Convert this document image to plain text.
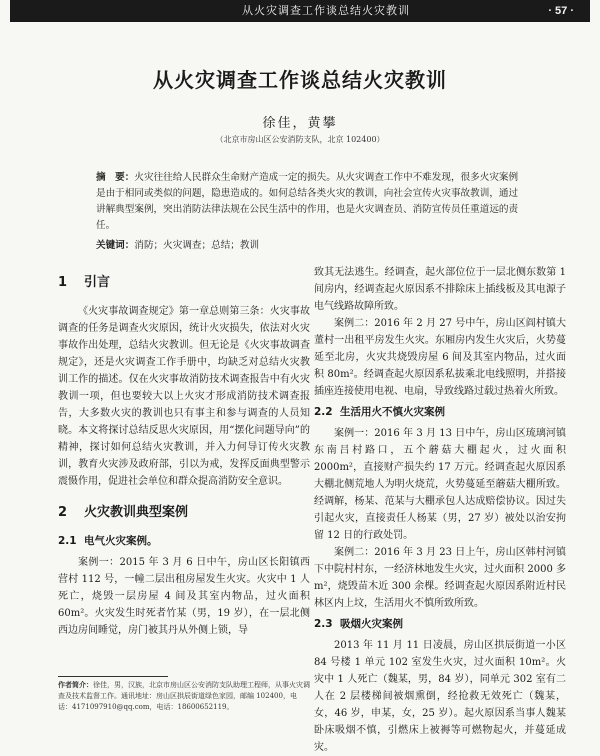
从火灾调查工作谈总结火灾教训	· 57 ·
从火灾调查工作谈总结火灾教训
徐佳，黄攀
（北京市房山区公安消防支队，北京 102400）
摘　要：火灾往往给人民群众生命财产造成一定的损失。从火灾调查工作中不难发现，很多火灾案例是由于相同或类似的问题，隐患造成的。如何总结各类火灾的教训，向社会宣传火灾事故教训，通过讲解典型案例，突出消防法律法规在公民生活中的作用，也是火灾调查员、消防宣传员任重道远的责任。
关键词：消防；火灾调查；总结；教训
1 引言

《火灾事故调查规定》第一章总则第三条：火灾事故调查的任务是调查火灾原因，统计火灾损失，依法对火灾事故作出处理，总结火灾教训。但无论是《火灾事故调查规定》，还是火灾调查工作手册中，均缺乏对总结火灾教训工作的描述。仅在火灾事故消防技术调查报告中有火灾教训一项，但也要较大以上火灾才形成消防技术调查报告，大多数火灾的教训也只有事主和参与调查的人员知晓。本文将探讨总结反思火灾原因，用“摆化问题导向”的精神，探讨如何总结火灾教训，并入力何导订传火灾教训，教育火灾涉及政府部，引以为戒，发挥反面典型警示震慑作用，促进社会单位和群众提高消防安全意识。

2 火灾教训典型案例
2.1 电气火灾案例。

案例一：2015 年 3 月 6 日中午，房山区长阳镇西营村 112 号，一幢二层出租房屋发生火灾。火灾中 1 人死亡，烧毁一层房屋 4 间及其室内物品，过火面积 60m²。火灾发生时死者竹某（男，19 岁），在一层北侧西边房间睡觉，房门被其丹从外侧上锁，导

致其无法逃生。经调查，起火部位位于一层北侧东数第 1 间房内，经调查起火原因系不排除床上插线板及其电源子电气线路故障所致。

案例二：2016 年 2 月 27 号中午，房山区阎村镇大董村一出租平房发生火灾。东厢房内发生火灾后，火势蔓延至北房，火灾共烧毁房屋 6 间及其室内物品，过火面积 80m²。经调查起火原因系私拔乘北电线照明，并搭接插座连接使用电视、电扇，导致线路过载过热着火所致。

2.2 生活用火不慎火灾案例

案例一：2016 年 3 月 13 日中午，房山区琉璃河镇东南吕村路口，五个蘑菇大棚起火，过火面积 2000m²，直接财产损失约 17 万元。经调查起火原因系大棚北侧荒地人为明火烧荒，火势蔓延至蘑菇大棚所致。经调解，杨某、范某与大棚承包人达成赔偿协议。因过失引起火灾，直接责任人杨某（男，27 岁）被处以治安拘留 12 日的行政处罚。

案例二：2016 年 3 月 23 日上午，房山区韩村河镇下中院村村东，一经济林地发生火灾，过火面积 2000 多 m²，烧毁苗木近 300 余棵。经调查起火原因系附近村民林区内上坟，生活用火不慎所致所致。

2.3 吸烟火灾案例

2013 年 11 月 11 日凌晨，房山区拱辰街道一小区 84 号楼 1 单元 102 室发生火灾，过火面积 10m²。火灾中 1 人死亡（魏某，男，84 岁），同单元 302 室有二人在 2 层楼梯间被烟熏倒，经抢救无效死亡（魏某，女，46 岁，申某，女，25 岁）。起火原因系当事人魏某卧床吸烟不慎，引燃床上被褥等可燃物起火，并蔓延成灾。

作者简介：徐佳，男，汉族，北京市房山区公安消防支队助理工程师，从事火灾调查及技术监督工作。通讯地址：房山区拱辰街道绿色家园，邮编 102400，电话：4171097910@qq.com，电话：18600652119。
